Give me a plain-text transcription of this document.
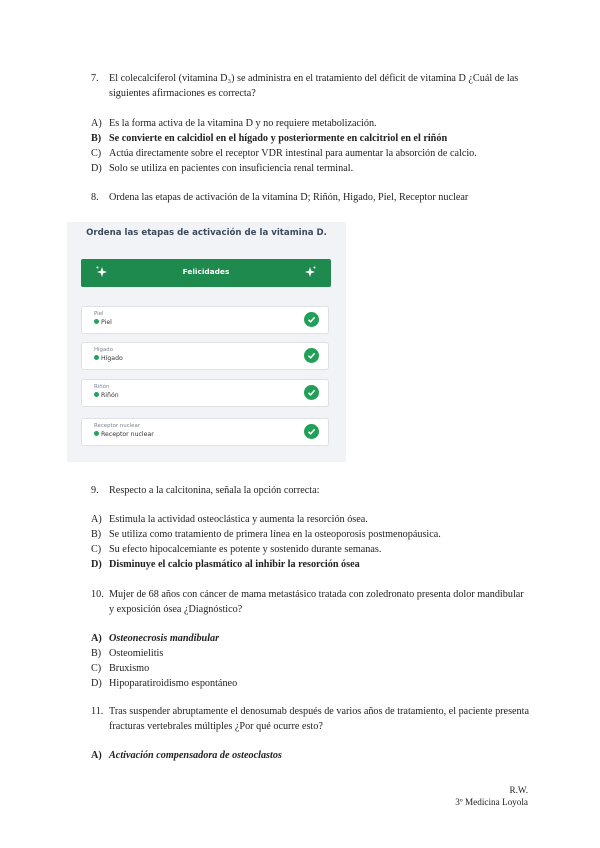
7. El colecalciferol (vitamina D₃) se administra en el tratamiento del déficit de vitamina D ¿Cuál de las siguientes afirmaciones es correcta?
A) Es la forma activa de la vitamina D y no requiere metabolización.
B) Se convierte en calcidiol en el hígado y posteriormente en calcitriol en el riñón
C) Actúa directamente sobre el receptor VDR intestinal para aumentar la absorción de calcio.
D) Solo se utiliza en pacientes con insuficiencia renal terminal.
8. Ordena las etapas de activación de la vitamina D; Riñón, Higado, Piel, Receptor nuclear
Ordena las etapas de activación de la vitamina D.
Felicidades
Piel
Piel
Hígado
Hígado
Riñón
Riñón
Receptor nuclear
Receptor nuclear
9. Respecto a la calcitonina, señala la opción correcta:
A) Estimula la actividad osteoclástica y aumenta la resorción ósea.
B) Se utiliza como tratamiento de primera línea en la osteoporosis postmenopáusica.
C) Su efecto hipocalcemiante es potente y sostenido durante semanas.
D) Disminuye el calcio plasmático al inhibir la resorción ósea
10. Mujer de 68 años con cáncer de mama metastásico tratada con zoledronato presenta dolor mandibular y exposición ósea ¿Diagnóstico?
A) Osteonecrosis mandibular
B) Osteomielitis
C) Bruxismo
D) Hipoparatiroidismo espontáneo
11. Tras suspender abruptamente el denosumab después de varios años de tratamiento, el paciente presenta fracturas vertebrales múltiples ¿Por qué ocurre esto?
A) Activación compensadora de osteoclastos
R.W.
3º Medicina Loyola
